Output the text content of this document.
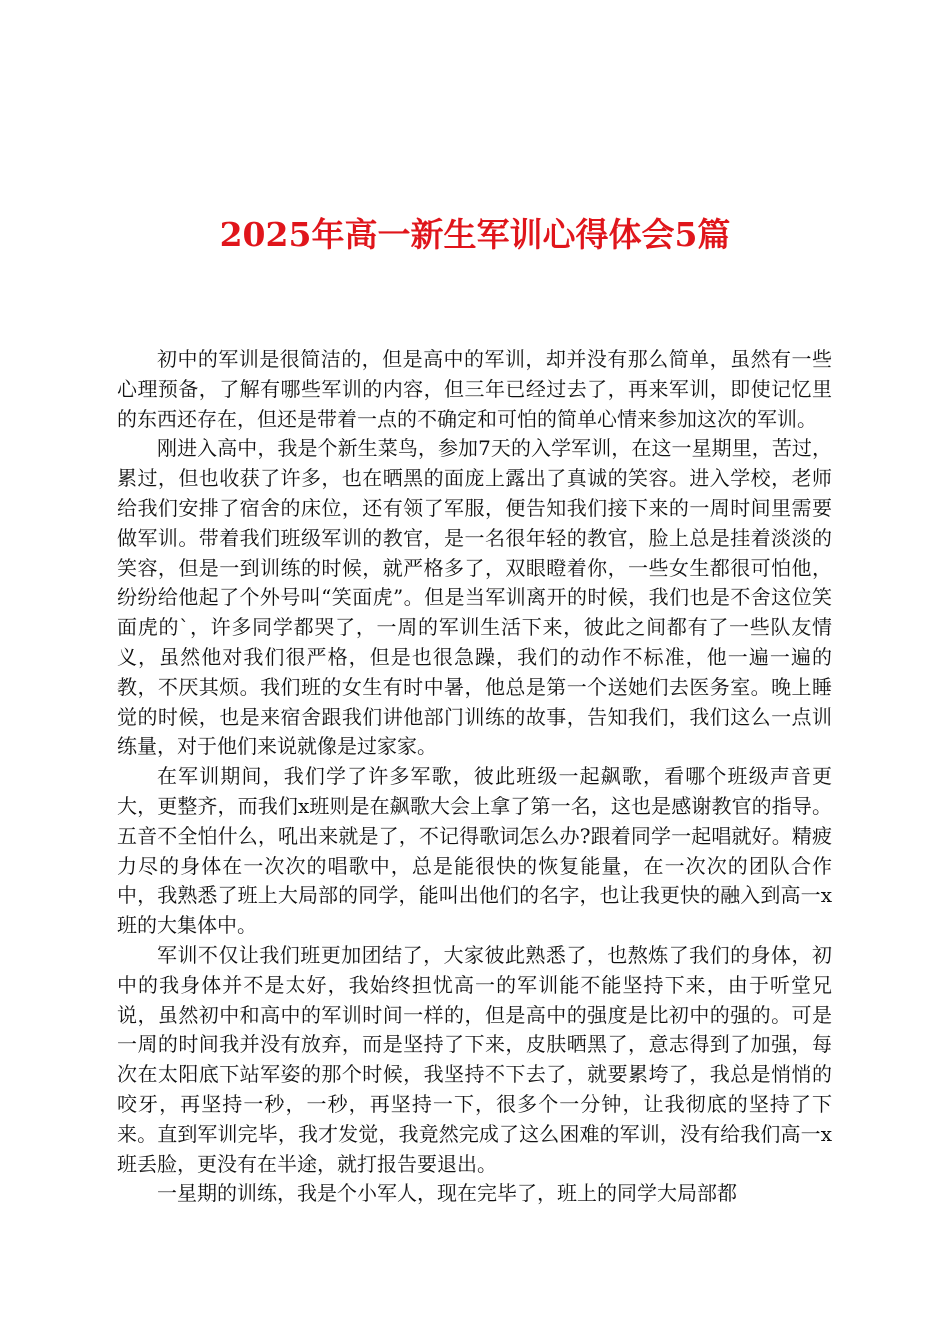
2025年高一新生军训心得体会5篇

初中的军训是很简洁的，但是高中的军训，却并没有那么简单，虽然有一些心理预备，了解有哪些军训的内容，但三年已经过去了，再来军训，即使记忆里的东西还存在，但还是带着一点的不确定和可怕的简单心情来参加这次的军训。

刚进入高中，我是个新生菜鸟，参加7天的入学军训，在这一星期里，苦过，累过，但也收获了许多，也在晒黑的面庞上露出了真诚的笑容。进入学校，老师给我们安排了宿舍的床位，还有领了军服，便告知我们接下来的一周时间里需要做军训。带着我们班级军训的教官，是一名很年轻的教官，脸上总是挂着淡淡的笑容，但是一到训练的时候，就严格多了，双眼瞪着你，一些女生都很可怕他，纷纷给他起了个外号叫“笑面虎”。但是当军训离开的时候，我们也是不舍这位笑面虎的`，许多同学都哭了，一周的军训生活下来，彼此之间都有了一些队友情义，虽然他对我们很严格，但是也很急躁，我们的动作不标准，他一遍一遍的教，不厌其烦。我们班的女生有时中暑，他总是第一个送她们去医务室。晚上睡觉的时候，也是来宿舍跟我们讲他部门训练的故事，告知我们，我们这么一点训练量，对于他们来说就像是过家家。

在军训期间，我们学了许多军歌，彼此班级一起飙歌，看哪个班级声音更大，更整齐，而我们x班则是在飙歌大会上拿了第一名，这也是感谢教官的指导。五音不全怕什么，吼出来就是了，不记得歌词怎么办?跟着同学一起唱就好。精疲力尽的身体在一次次的唱歌中，总是能很快的恢复能量，在一次次的团队合作中，我熟悉了班上大局部的同学，能叫出他们的名字，也让我更快的融入到高一x班的大集体中。

军训不仅让我们班更加团结了，大家彼此熟悉了，也熬炼了我们的身体，初中的我身体并不是太好，我始终担忧高一的军训能不能坚持下来，由于听堂兄说，虽然初中和高中的军训时间一样的，但是高中的强度是比初中的强的。可是一周的时间我并没有放弃，而是坚持了下来，皮肤晒黑了，意志得到了加强，每次在太阳底下站军姿的那个时候，我坚持不下去了，就要累垮了，我总是悄悄的咬牙，再坚持一秒，一秒，再坚持一下，很多个一分钟，让我彻底的坚持了下来。直到军训完毕，我才发觉，我竟然完成了这么困难的军训，没有给我们高一x班丢脸，更没有在半途，就打报告要退出。

一星期的训练，我是个小军人，现在完毕了，班上的同学大局部都
